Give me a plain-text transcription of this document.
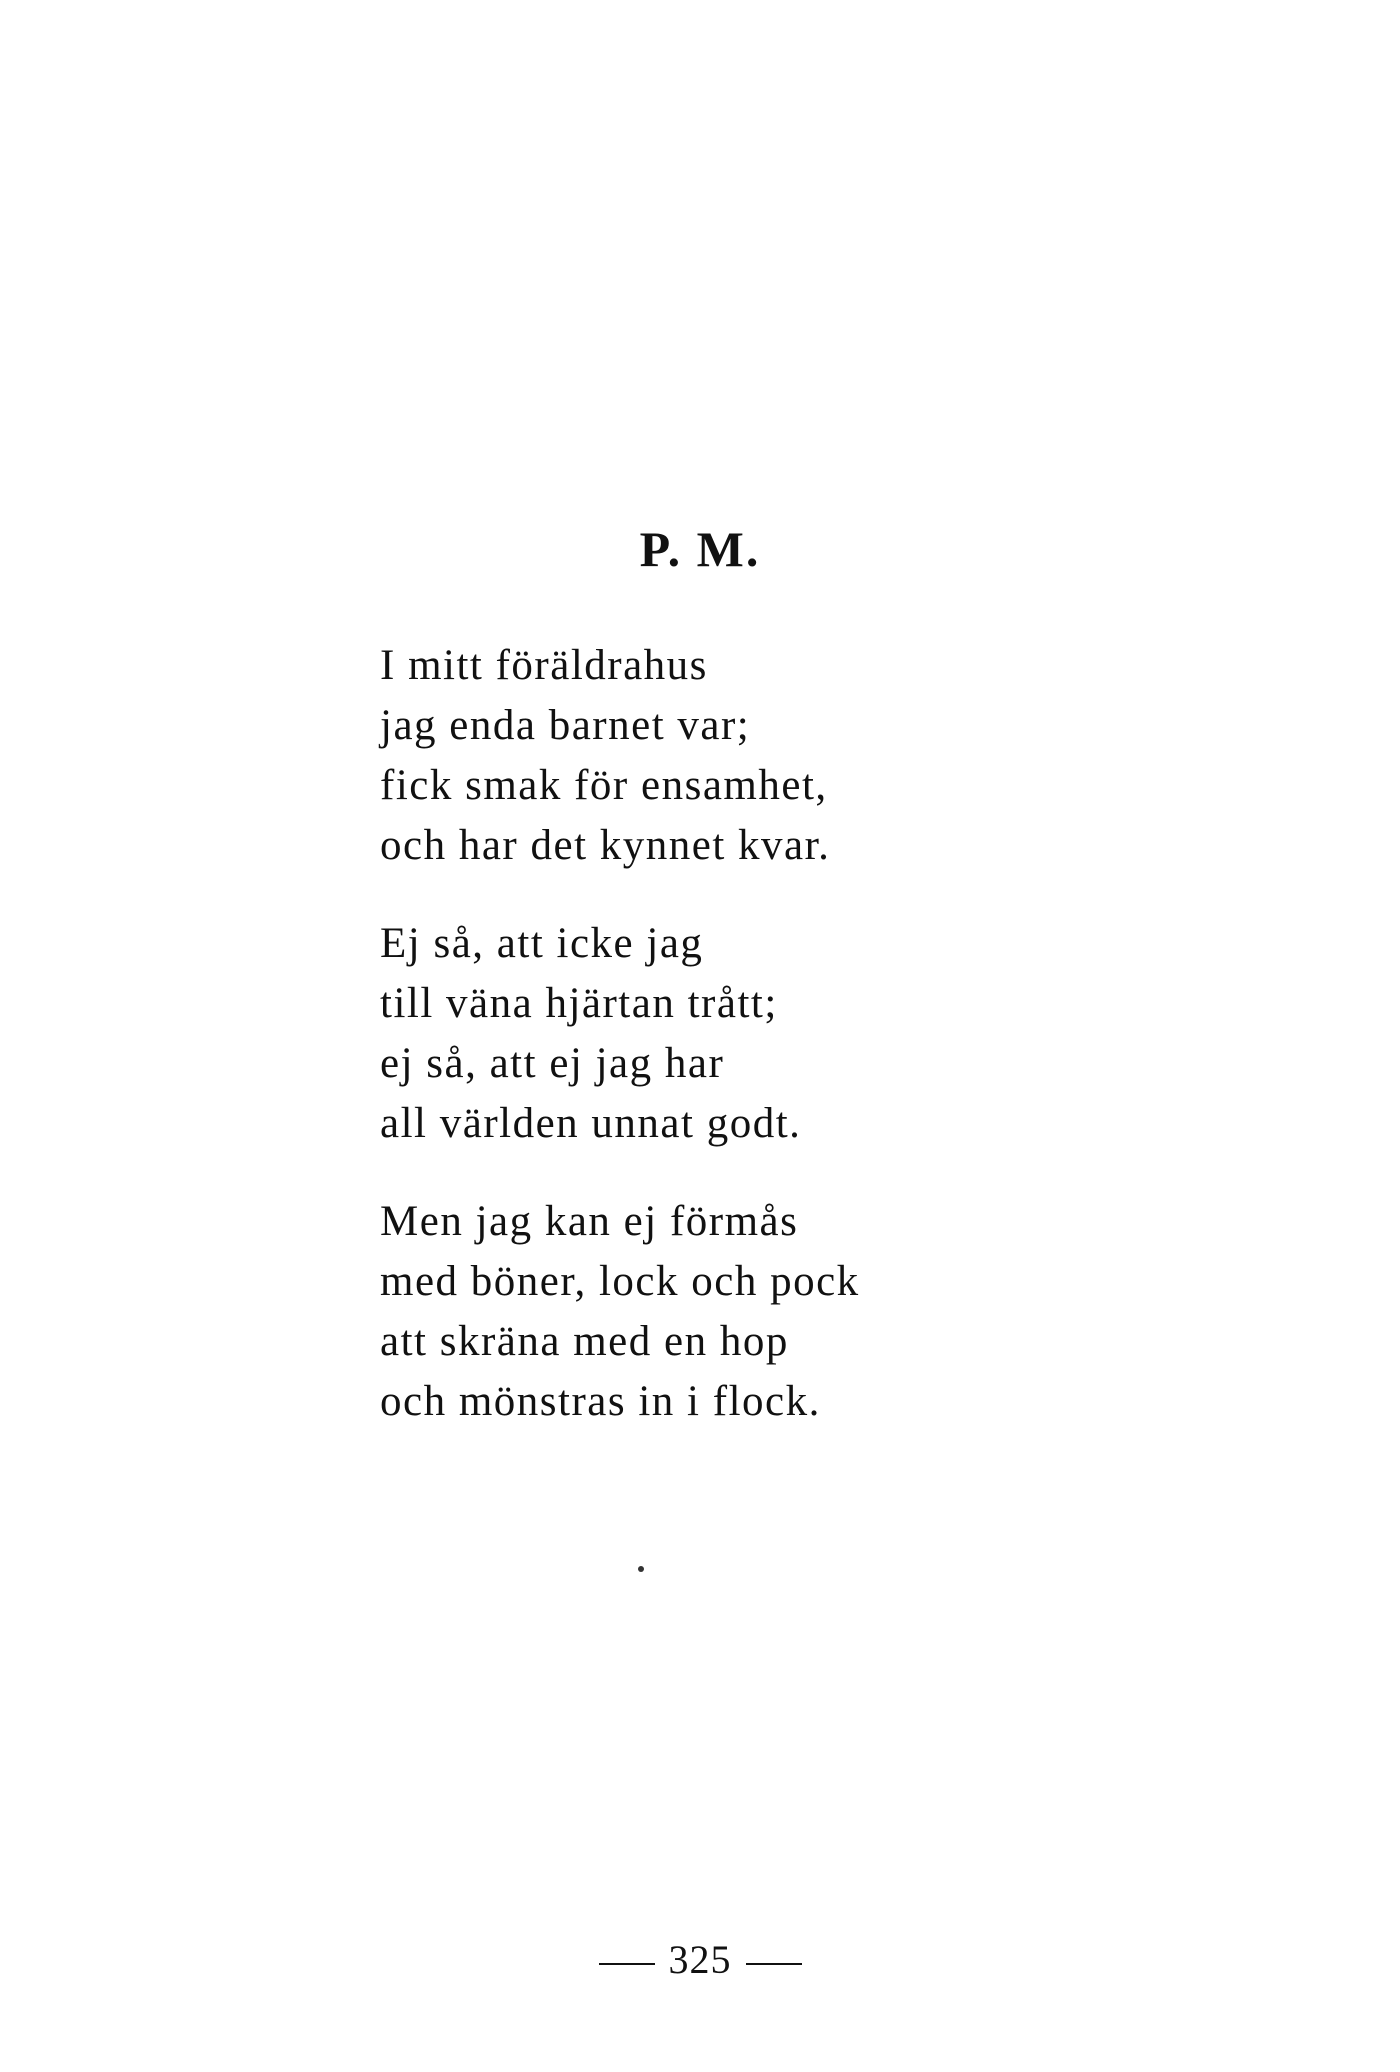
P. M.
I mitt föräldrahus
jag enda barnet var;
fick smak för ensamhet,
och har det kynnet kvar.
Ej så, att icke jag
till väna hjärtan trått;
ej så, att ej jag har
all världen unnat godt.
Men jag kan ej förmås
med böner, lock och pock
att skräna med en hop
och mönstras in i flock.
325
